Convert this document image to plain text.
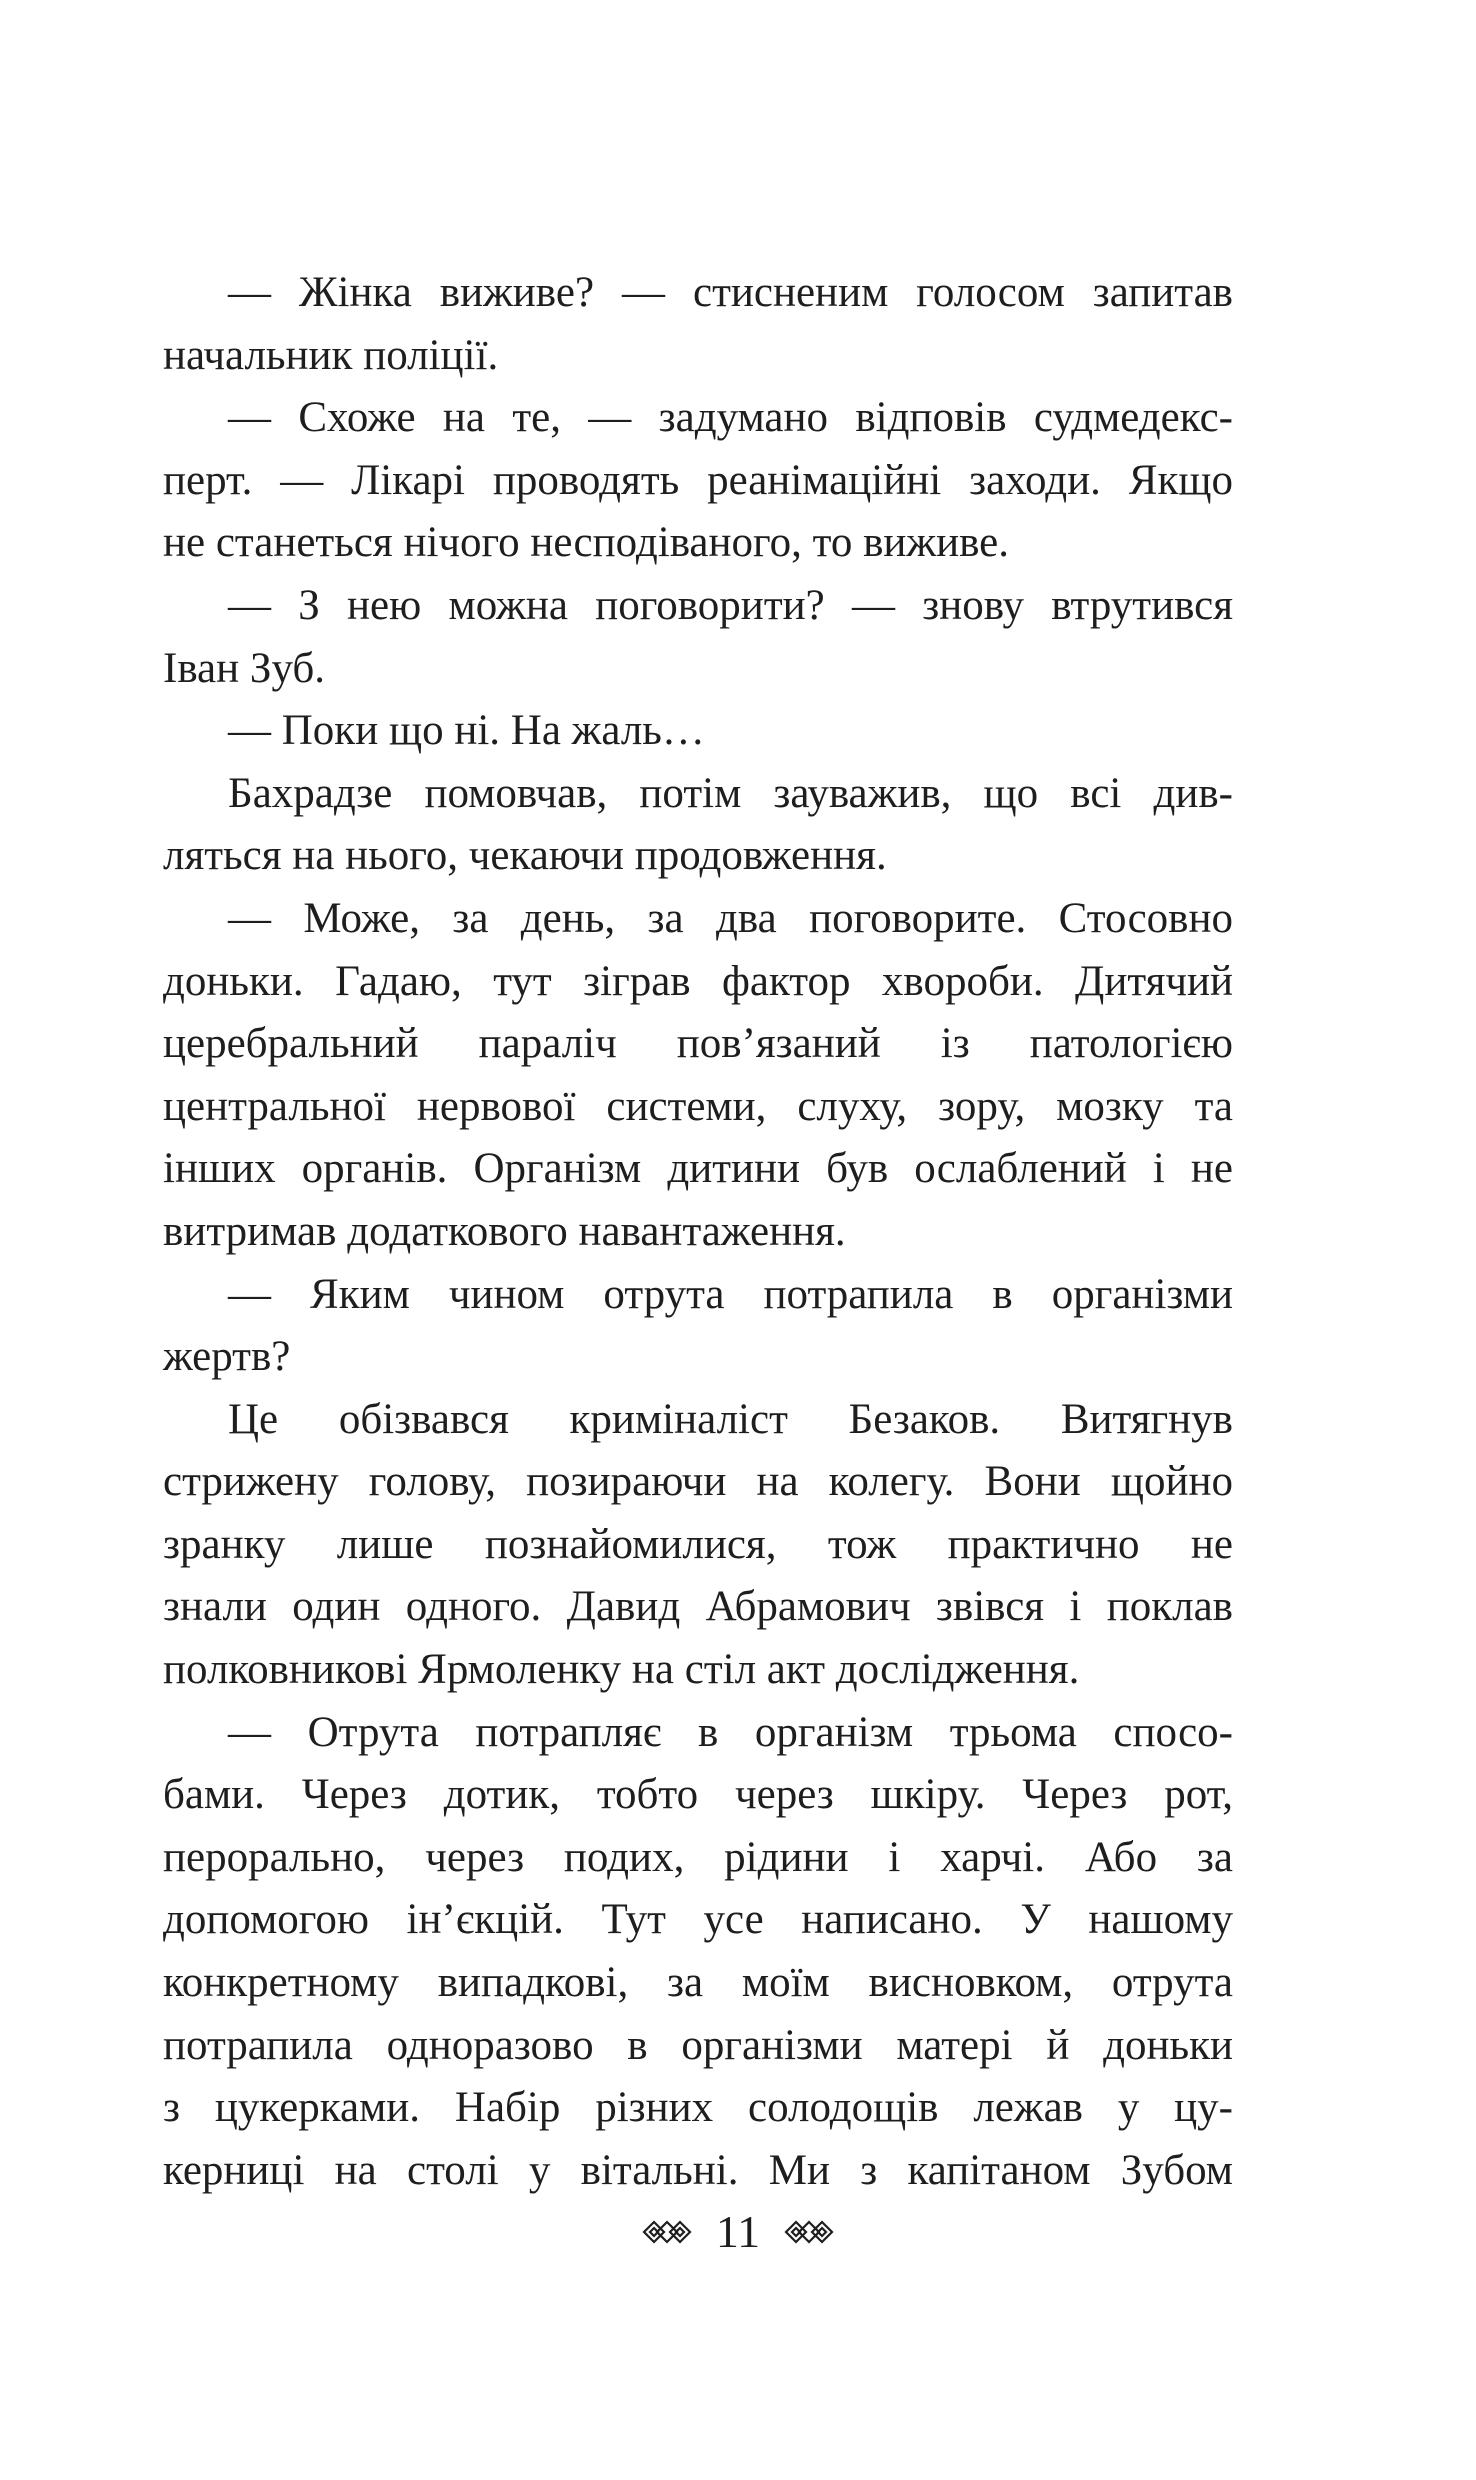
— Жінка виживе? — стисненим голосом запитав
начальник поліції.

— Схоже на те, — задумано відповів судмедекс-
перт. — Лікарі проводять реанімаційні заходи. Якщо
не станеться нічого несподіваного, то виживе.

— З нею можна поговорити? — знову втрутився
Іван Зуб.

— Поки що ні. На жаль…

Бахрадзе помовчав, потім зауважив, що всі див-
ляться на нього, чекаючи продовження.

— Може, за день, за два поговорите. Стосовно
доньки. Гадаю, тут зіграв фактор хвороби. Дитячий
церебральний параліч пов’язаний із патологією
центральної нервової системи, слуху, зору, мозку та
інших органів. Організм дитини був ослаблений і не
витримав додаткового навантаження.

— Яким чином отрута потрапила в організми
жертв?

Це обізвався криміналіст Безаков. Витягнув
стрижену голову, позираючи на колегу. Вони щойно
зранку лише познайомилися, тож практично не
знали один одного. Давид Абрамович звівся і поклав
полковникові Ярмоленку на стіл акт дослідження.

— Отрута потрапляє в організм трьома спосо-
бами. Через дотик, тобто через шкіру. Через рот,
перорально, через подих, рідини і харчі. Або за
допомогою ін’єкцій. Тут усе написано. У нашому
конкретному випадкові, за моїм висновком, отрута
потрапила одноразово в організми матері й доньки
з цукерками. Набір різних солодощів лежав у цу-
керниці на столі у вітальні. Ми з капітаном Зубом

11
